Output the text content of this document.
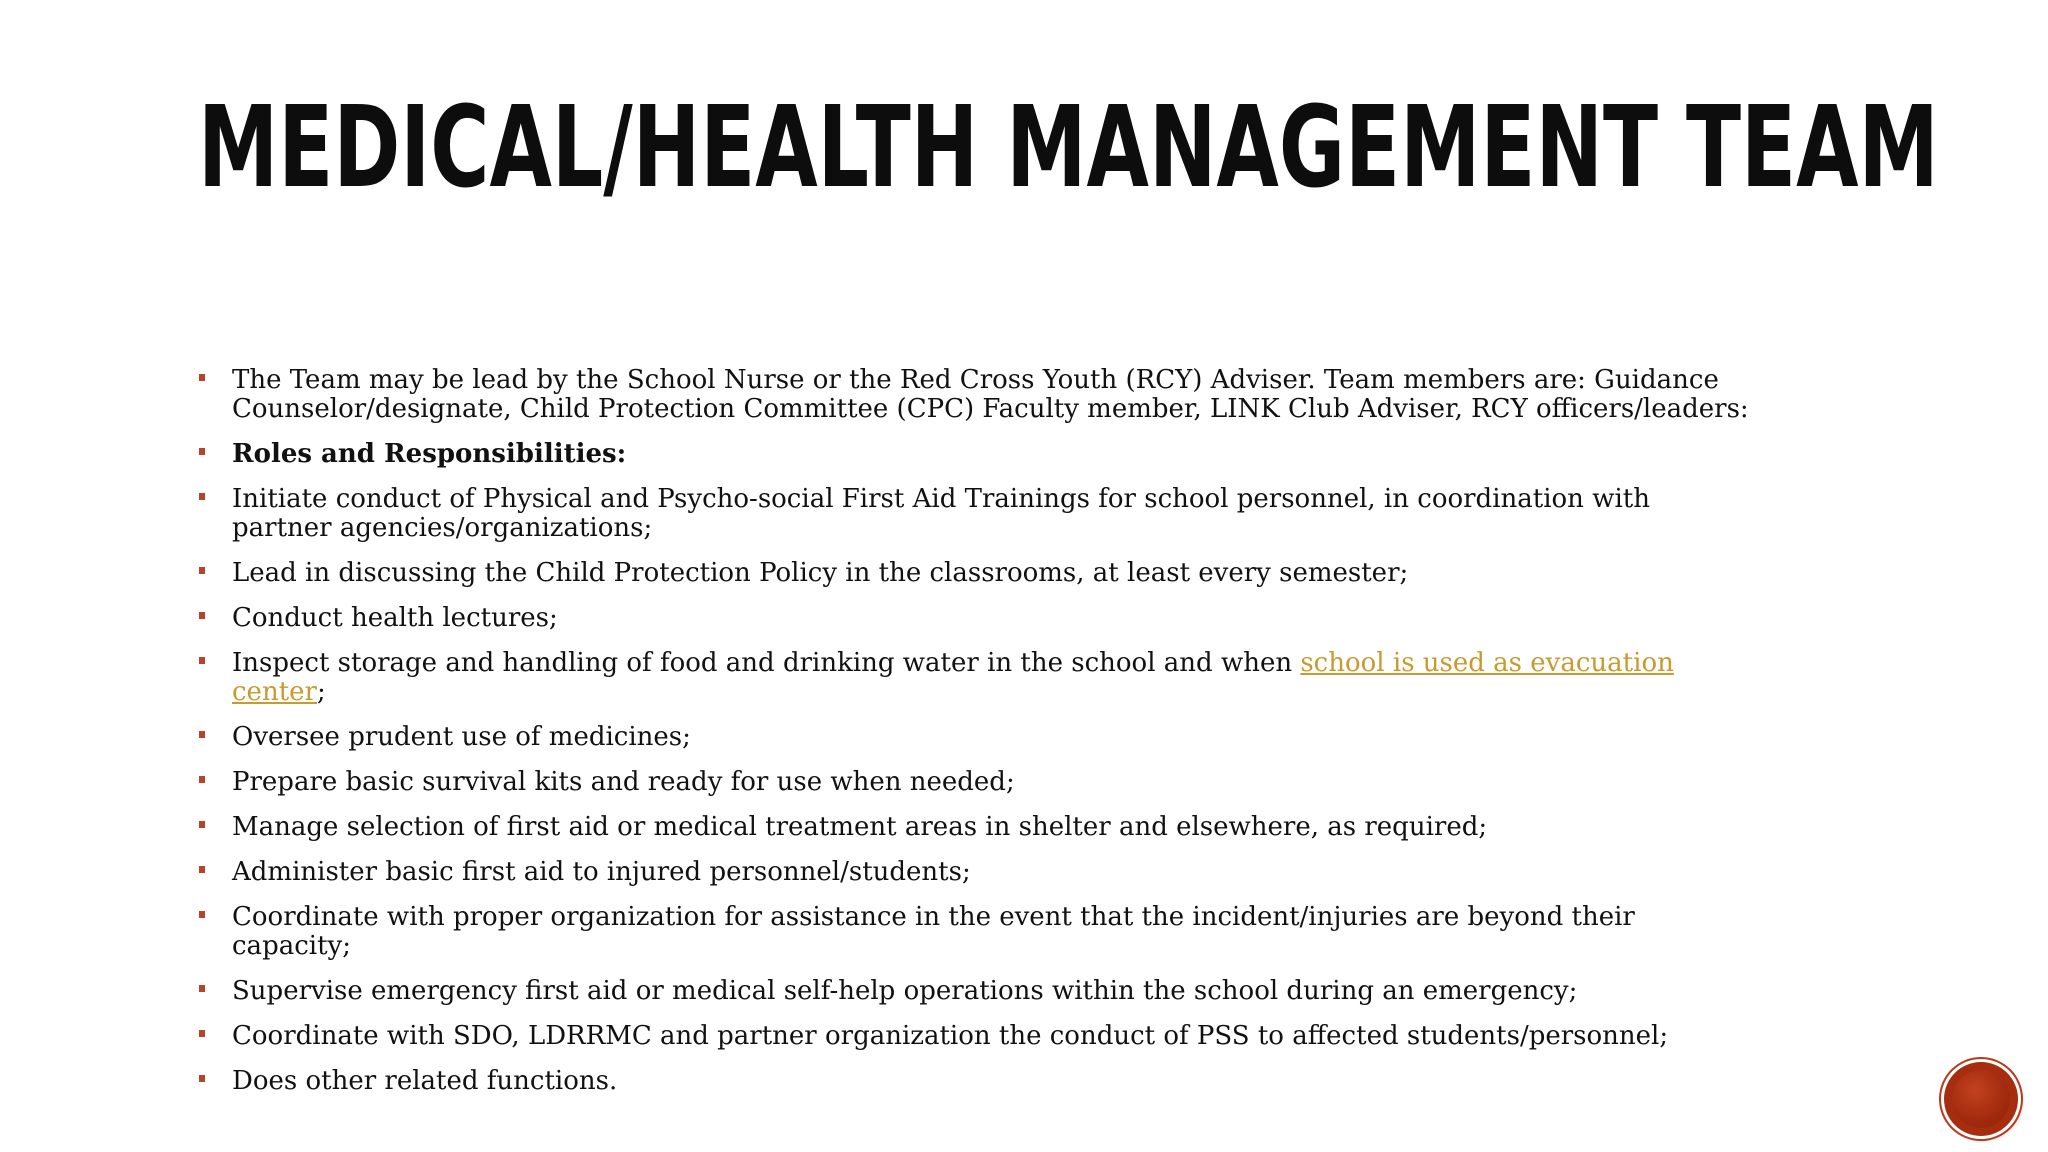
MEDICAL/HEALTH MANAGEMENT TEAM
The Team may be lead by the School Nurse or the Red Cross Youth (RCY) Adviser. Team members are: Guidance Counselor/designate, Child Protection Committee (CPC) Faculty member, LINK Club Adviser, RCY officers/leaders:
Roles and Responsibilities:
Initiate conduct of Physical and Psycho-social First Aid Trainings for school personnel, in coordination with partner agencies/organizations;
Lead in discussing the Child Protection Policy in the classrooms, at least every semester;
Conduct health lectures;
Inspect storage and handling of food and drinking water in the school and when school is used as evacuation center;
Oversee prudent use of medicines;
Prepare basic survival kits and ready for use when needed;
Manage selection of first aid or medical treatment areas in shelter and elsewhere, as required;
Administer basic first aid to injured personnel/students;
Coordinate with proper organization for assistance in the event that the incident/injuries are beyond their capacity;
Supervise emergency first aid or medical self-help operations within the school during an emergency;
Coordinate with SDO, LDRRMC and partner organization the conduct of PSS to affected students/personnel;
Does other related functions.
